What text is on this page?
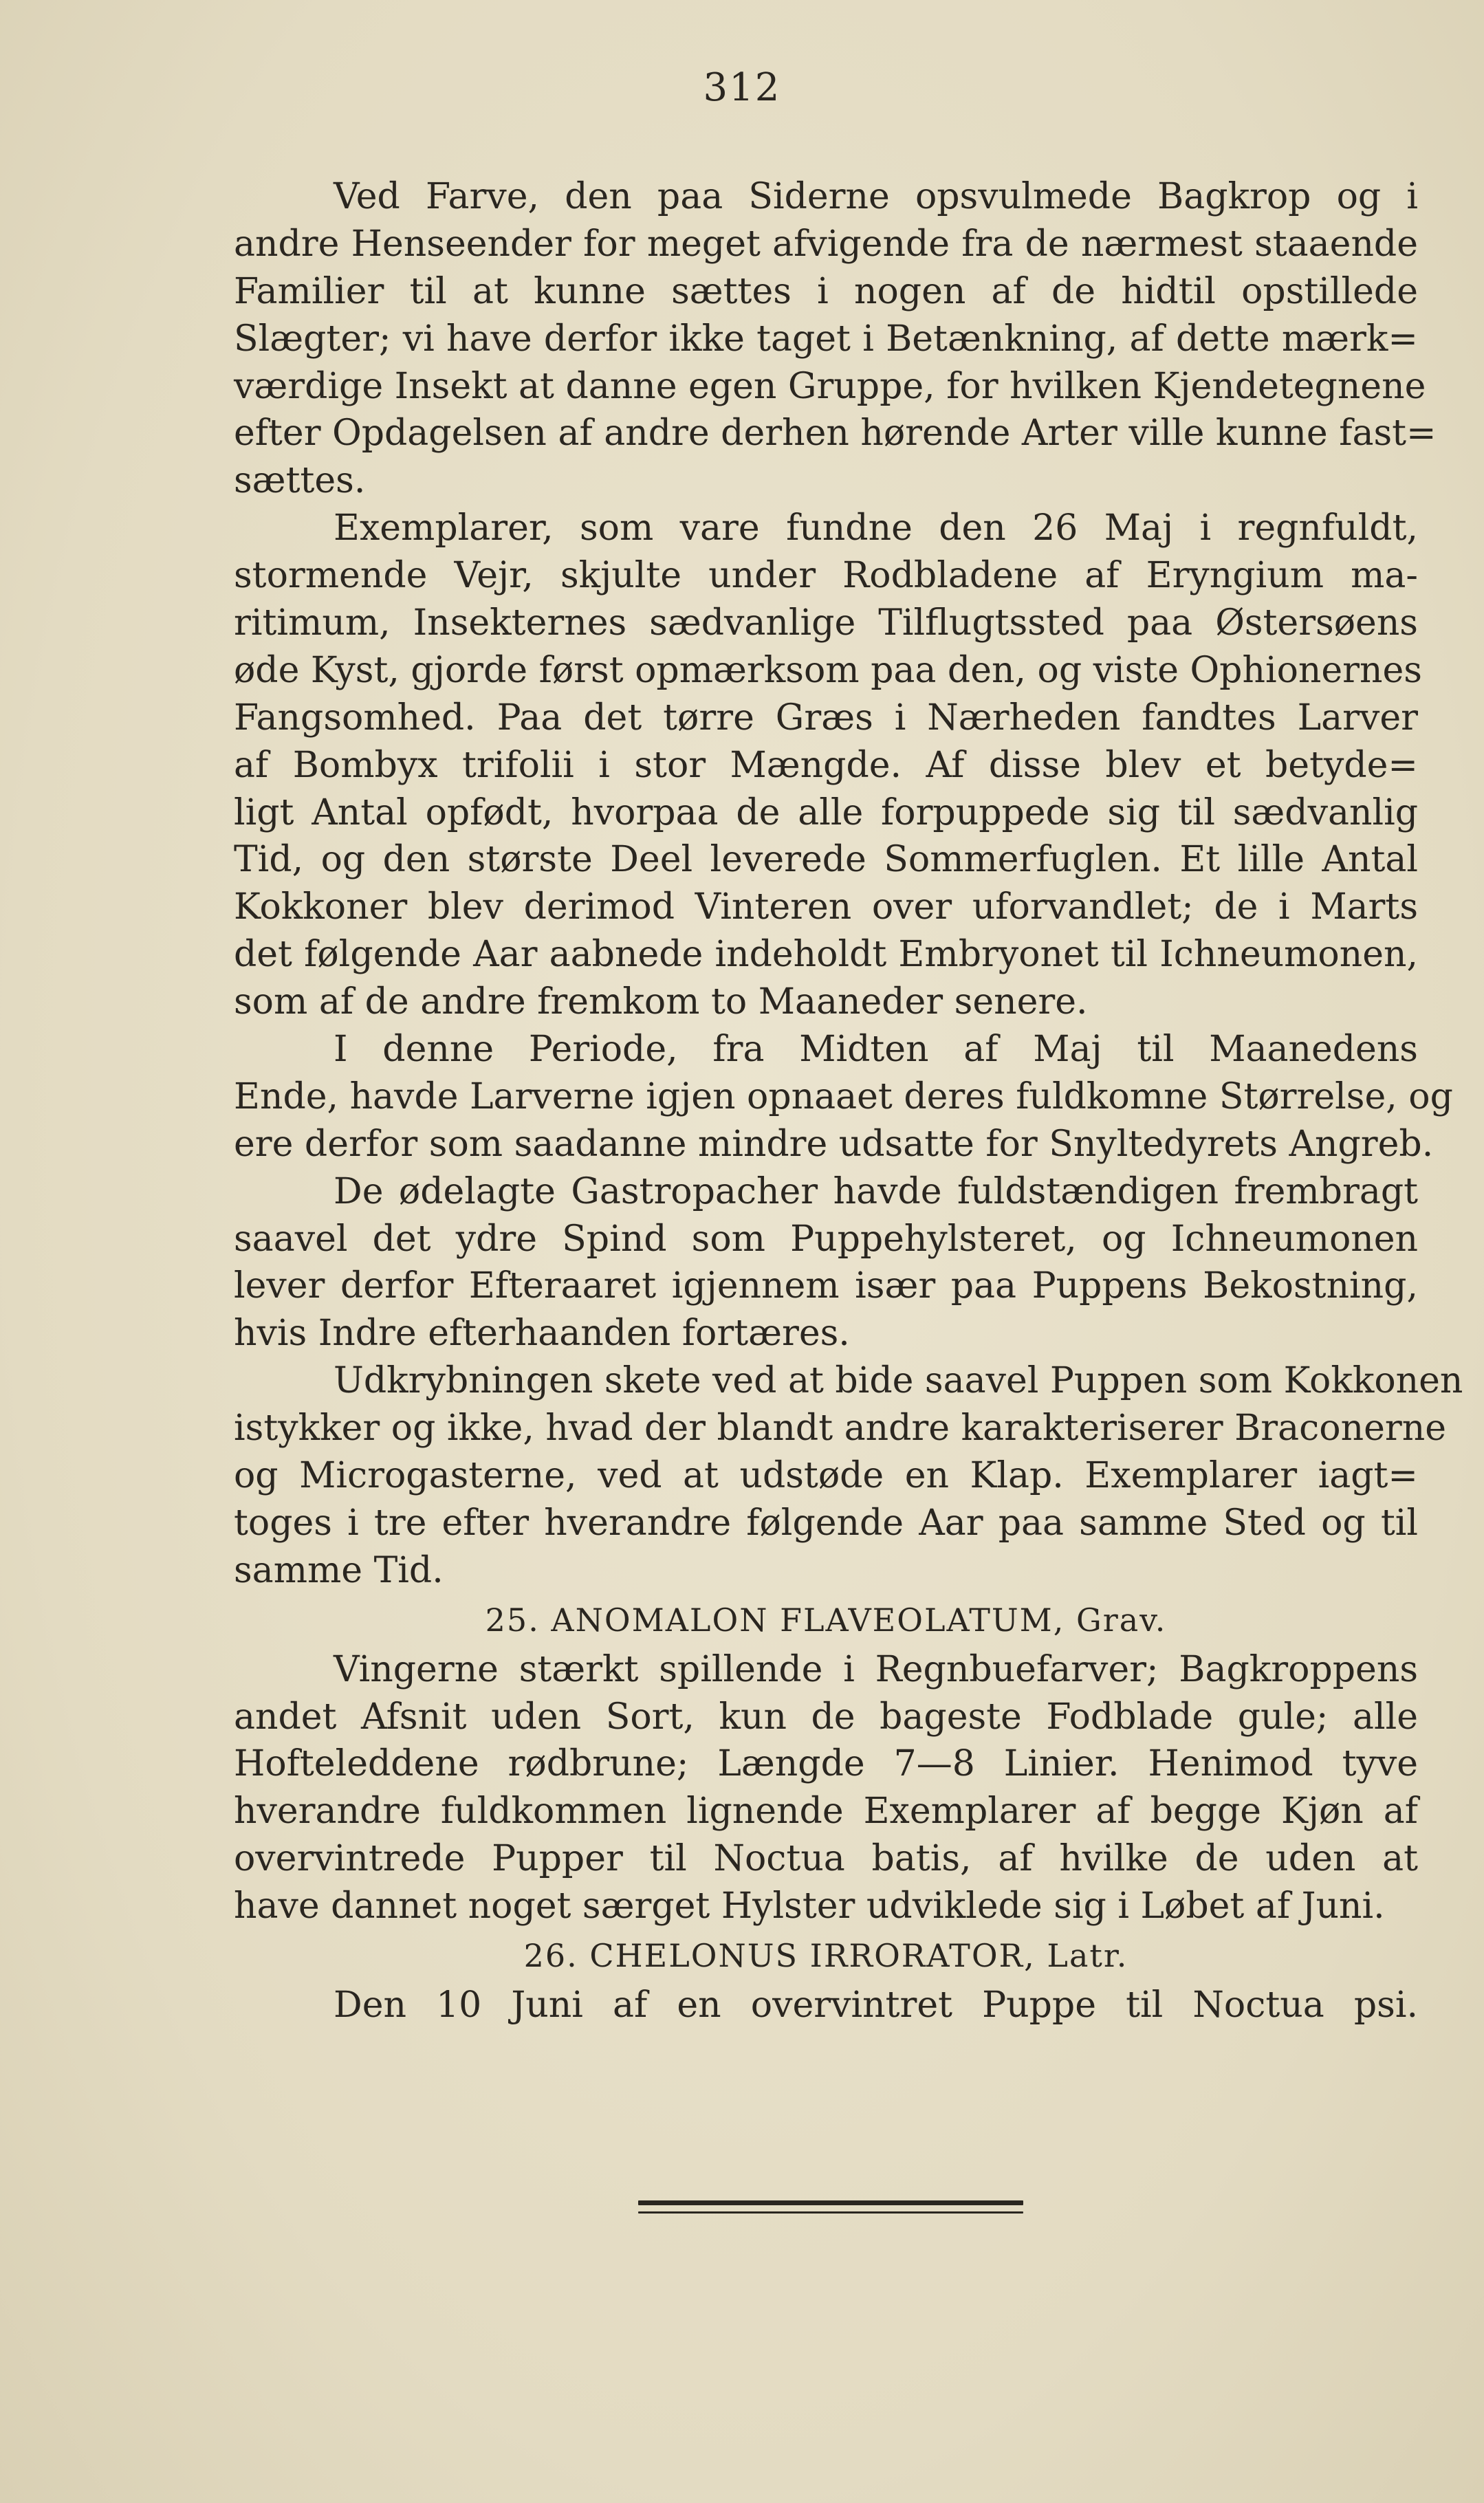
312
Ved Farve, den paa Siderne opsvulmede Bagkrop og i
andre Henseender for meget afvigende fra de nærmest staaende
Familier til at kunne sættes i nogen af de hidtil opstillede
Slægter; vi have derfor ikke taget i Betænkning, af dette mærk=
værdige Insekt at danne egen Gruppe, for hvilken Kjendetegnene
efter Opdagelsen af andre derhen hørende Arter ville kunne fast=
sættes.
Exemplarer, som vare fundne den 26 Maj i regnfuldt,
stormende Vejr, skjulte under Rodbladene af Eryngium ma-
ritimum, Insekternes sædvanlige Tilflugtssted paa Østersøens
øde Kyst, gjorde først opmærksom paa den, og viste Ophionernes
Fangsomhed. Paa det tørre Græs i Nærheden fandtes Larver
af Bombyx trifolii i stor Mængde. Af disse blev et betyde=
ligt Antal opfødt, hvorpaa de alle forpuppede sig til sædvanlig
Tid, og den største Deel leverede Sommerfuglen. Et lille Antal
Kokkoner blev derimod Vinteren over uforvandlet; de i Marts
det følgende Aar aabnede indeholdt Embryonet til Ichneumonen,
som af de andre fremkom to Maaneder senere.
I denne Periode, fra Midten af Maj til Maanedens
Ende, havde Larverne igjen opnaaet deres fuldkomne Størrelse, og
ere derfor som saadanne mindre udsatte for Snyltedyrets Angreb.
De ødelagte Gastropacher havde fuldstændigen frembragt
saavel det ydre Spind som Puppehylsteret, og Ichneumonen
lever derfor Efteraaret igjennem især paa Puppens Bekostning,
hvis Indre efterhaanden fortæres.
Udkrybningen skete ved at bide saavel Puppen som Kokkonen
istykker og ikke, hvad der blandt andre karakteriserer Braconerne
og Microgasterne, ved at udstøde en Klap. Exemplarer iagt=
toges i tre efter hverandre følgende Aar paa samme Sted og til
samme Tid.
25. ANOMALON FLAVEOLATUM, Grav.
Vingerne stærkt spillende i Regnbuefarver; Bagkroppens
andet Afsnit uden Sort, kun de bageste Fodblade gule; alle
Hofteleddene rødbrune; Længde 7—8 Linier. Henimod tyve
hverandre fuldkommen lignende Exemplarer af begge Kjøn af
overvintrede Pupper til Noctua batis, af hvilke de uden at
have dannet noget særget Hylster udviklede sig i Løbet af Juni.
26. CHELONUS IRRORATOR, Latr.
Den 10 Juni af en overvintret Puppe til Noctua psi.
